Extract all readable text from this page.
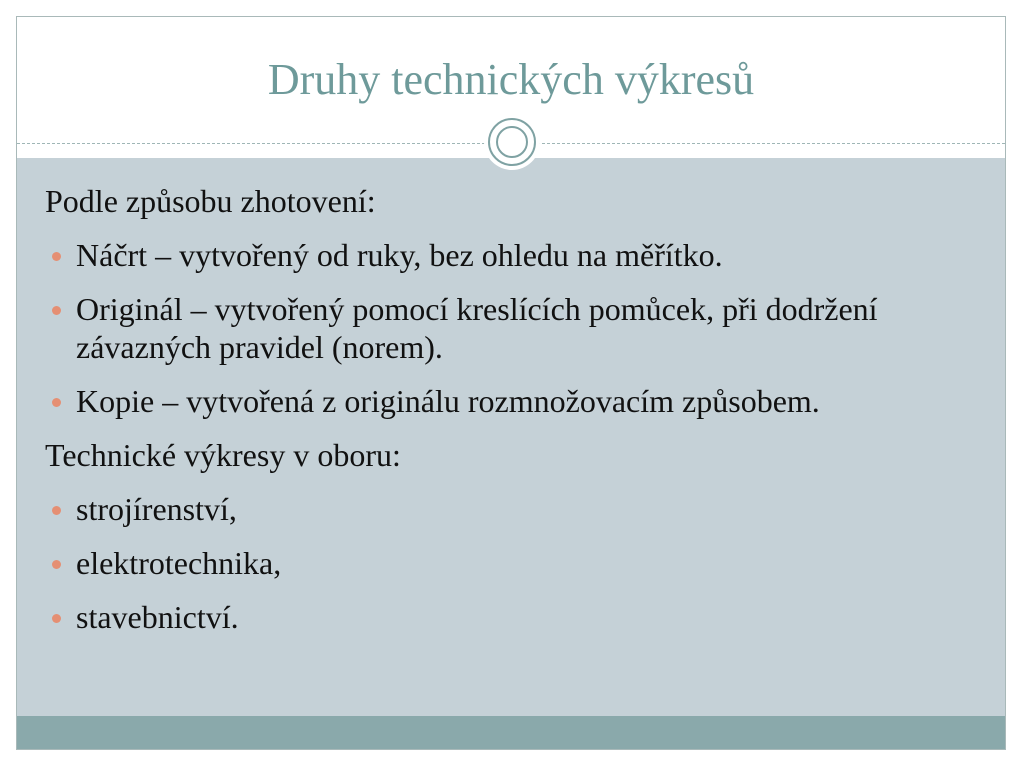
Druhy technických výkresů

Podle způsobu zhotovení:

Náčrt – vytvořený od ruky, bez ohledu na měřítko.
Originál – vytvořený pomocí kreslících pomůcek, při dodržení závazných pravidel (norem).
Kopie – vytvořená z originálu rozmnožovacím způsobem.

Technické výkresy v oboru:

strojírenství,
elektrotechnika,
stavebnictví.
